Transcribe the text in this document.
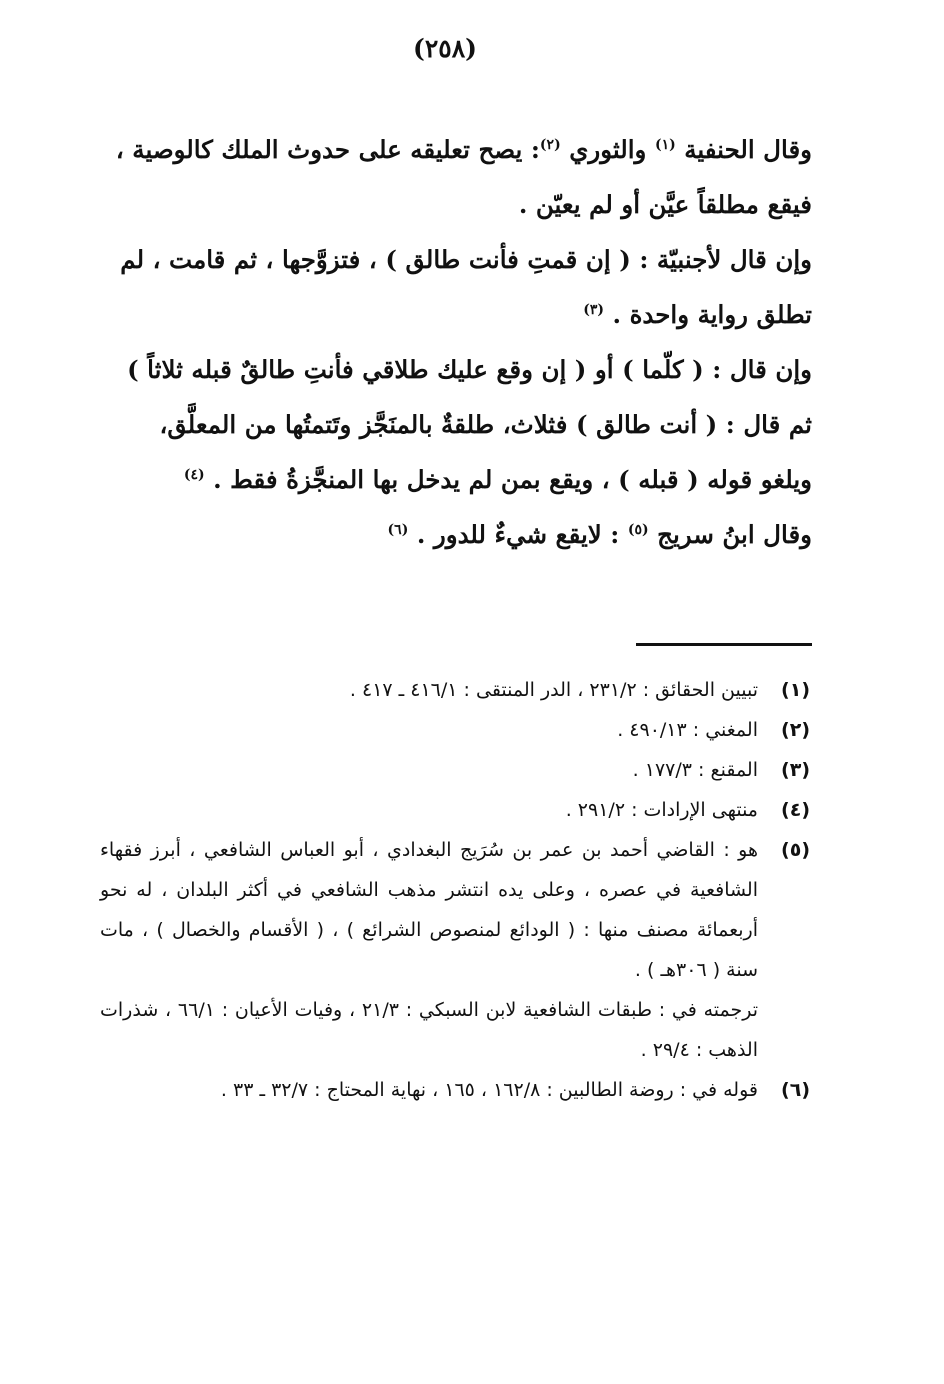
(٢٥٨)

وقال الحنفية $^{(١)}$ والثوري $^{(٢)}$: يصح تعليقه على حدوث الملك كالوصية ، فيقع مطلقاً عيَّن أو لم يعيّن .

وإن قال لأجنبيّة : ( إن قمتِ فأنت طالق ) ، فتزوَّجها ، ثم قامت ، لم تطلق رواية واحدة . $^{(٣)}$

وإن قال : ( كلّما ) أو ( إن وقع عليك طلاقي فأنتِ طالقٌ قبله ثلاثاً ) ثم قال : ( أنت طالق ) فثلاث، طلقةٌ بالمنَجَّز وتَتمتُها من المعلَّق، ويلغو قوله ( قبله ) ، ويقع بمن لم يدخل بها المنجَّزةُ فقط . $^{(٤)}$

وقال ابنُ سريج $^{(٥)}$ : لايقع شيءٌ للدور . $^{(٦)}$

(١)
تبيين الحقائق : ٢٣١/٢ ، الدر المنتقى : ٤١٦/١ ـ ٤١٧ .
(٢)
المغني : ٤٩٠/١٣ .
(٣)
المقنع : ١٧٧/٣ .
(٤)
منتهى الإرادات : ٢٩١/٢ .
(٥)
هو : القاضي أحمد بن عمر بن سُرَيج البغدادي ، أبو العباس الشافعي ، أبرز فقهاء الشافعية في عصره ، وعلى يده انتشر مذهب الشافعي في أكثر البلدان ، له نحو أربعمائة مصنف منها : ( الودائع لمنصوص الشرائع ) ، ( الأقسام والخصال ) ، مات سنة ( ٣٠٦هـ ) .
ترجمته في : طبقات الشافعية لابن السبكي : ٢١/٣ ، وفيات الأعيان : ٦٦/١ ، شذرات الذهب : ٢٩/٤ .
(٦)
قوله في : روضة الطالبين : ١٦٢/٨ ، ١٦٥ ، نهاية المحتاج : ٣٢/٧ ـ ٣٣ .
